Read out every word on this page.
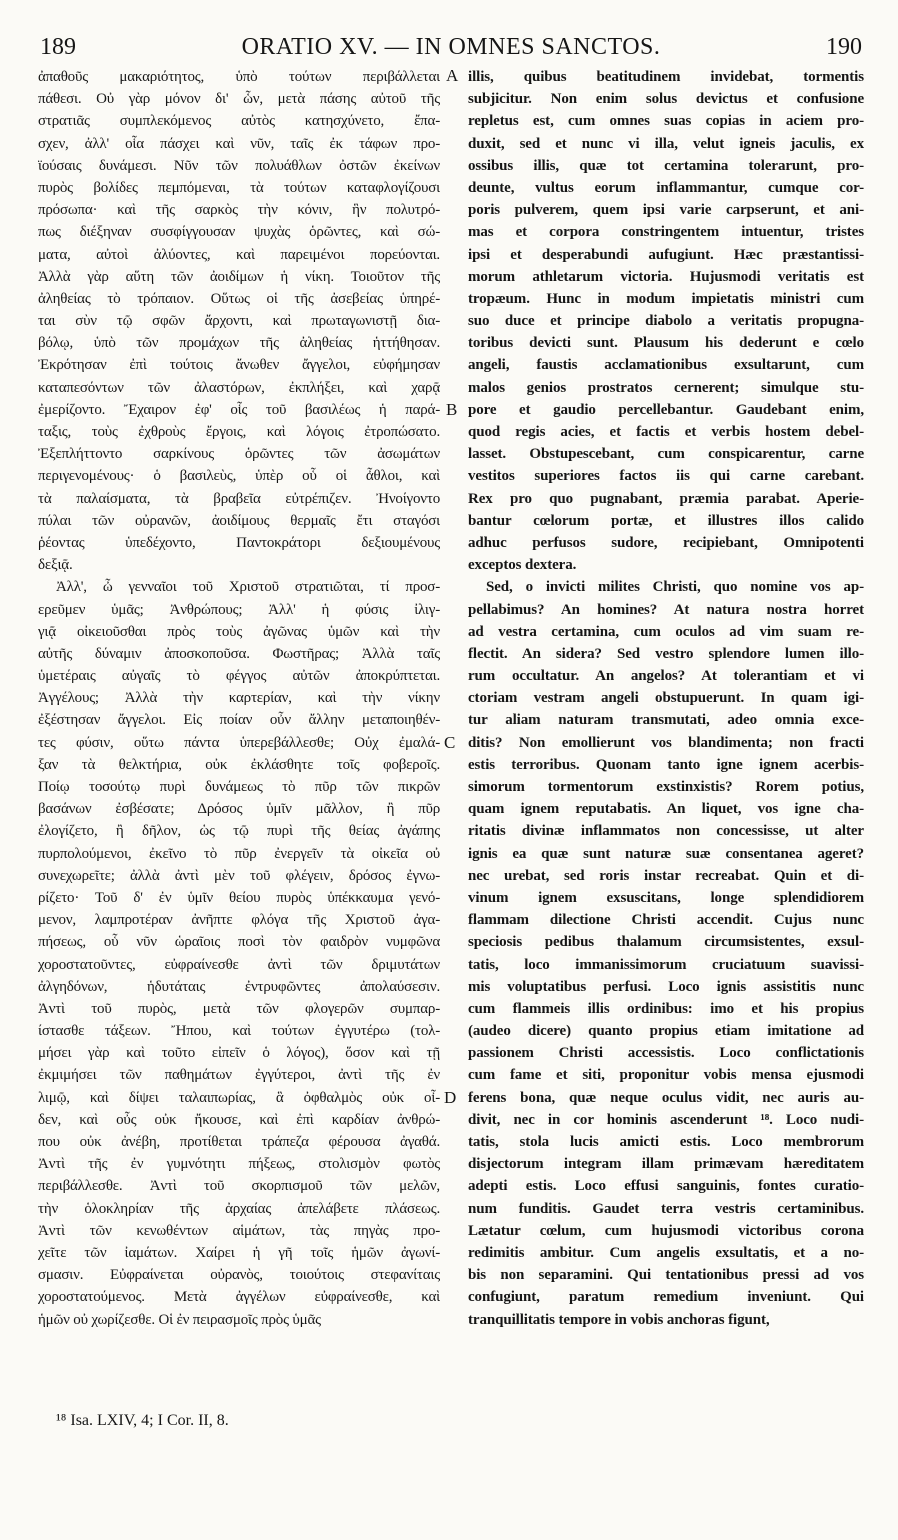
189	ORATIO XV. — IN OMNES SANCTOS.	190
ἀπαθοῦς μακαριότητος, ὑπὸ τούτων περιβάλλεται
πάθεσι. Οὐ γὰρ μόνον δι' ὧν, μετὰ πάσης αὐτοῦ τῆς
στρατιᾶς συμπλεκόμενος αὐτὸς κατησχύνετο, ἔπα-
σχεν, ἀλλ' οἷα πάσχει καὶ νῦν, ταῖς ἐκ τάφων προ-
ϊούσαις δυνάμεσι. Νῦν τῶν πολυάθλων ὀστῶν ἐκείνων
πυρὸς βολίδες πεμπόμεναι, τὰ τούτων καταφλογίζουσι
πρόσωπα· καὶ τῆς σαρκὸς τὴν κόνιν, ἣν πολυτρό-
πως διέξηναν συσφίγγουσαν ψυχὰς ὁρῶντες, καὶ σώ-
ματα, αὐτοὶ ἀλύοντες, καὶ παρειμένοι πορεύονται.
Ἀλλὰ γὰρ αὕτη τῶν ἀοιδίμων ἡ νίκη. Τοιοῦτον τῆς
ἀληθείας τὸ τρόπαιον. Οὕτως οἱ τῆς ἀσεβείας ὑπηρέ-
ται σὺν τῷ σφῶν ἄρχοντι, καὶ πρωταγωνιστῇ δια-
βόλῳ, ὑπὸ τῶν προμάχων τῆς ἀληθείας ἡττήθησαν.
Ἐκρότησαν ἐπὶ τούτοις ἄνωθεν ἄγγελοι, εὐφήμησαν
καταπεσόντων τῶν ἀλαστόρων, ἐκπλήξει, καὶ χαρᾷ
ἐμερίζοντο. Ἔχαιρον ἐφ' οἷς τοῦ βασιλέως ἡ παρά-
ταξις, τοὺς ἐχθροὺς ἔργοις, καὶ λόγοις ἐτροπώσατο.
Ἐξεπλήττοντο σαρκίνους ὁρῶντες τῶν ἀσωμάτων
περιγενομένους· ὁ βασιλεὺς, ὑπὲρ οὗ οἱ ἆθλοι, καὶ
τὰ παλαίσματα, τὰ βραβεῖα εὐτρέπιζεν. Ἠνοίγοντο
πύλαι τῶν οὐρανῶν, ἀοιδίμους θερμαῖς ἔτι σταγόσι
ῥέοντας ὑπεδέχοντο, Παντοκράτορι δεξιουμένους
δεξιᾷ.
Ἀλλ', ὦ γενναῖοι τοῦ Χριστοῦ στρατιῶται, τί προσ-
ερεῦμεν ὑμᾶς; Ἀνθρώπους; Ἀλλ' ἡ φύσις ἰλιγ-
γιᾷ οἰκειοῦσθαι πρὸς τοὺς ἀγῶνας ὑμῶν καὶ τὴν
αὐτῆς δύναμιν ἀποσκοποῦσα. Φωστῆρας; Ἀλλὰ ταῖς
ὑμετέραις αὐγαῖς τὸ φέγγος αὐτῶν ἀποκρύπτεται.
Ἀγγέλους; Ἀλλὰ τὴν καρτερίαν, καὶ τὴν νίκην
ἐξέστησαν ἄγγελοι. Εἰς ποίαν οὖν ἄλλην μεταποιηθέν-
τες φύσιν, οὕτω πάντα ὑπερεβάλλεσθε; Οὐχ ἐμαλά-
ξαν τὰ θελκτήρια, οὐκ ἐκλάσθητε τοῖς φοβεροῖς.
Ποίῳ τοσούτῳ πυρὶ δυνάμεως τὸ πῦρ τῶν πικρῶν
βασάνων ἐσβέσατε; Δρόσος ὑμῖν μᾶλλον, ἢ πῦρ
ἐλογίζετο, ἢ δῆλον, ὡς τῷ πυρὶ τῆς θείας ἀγάπης
πυρπολούμενοι, ἐκεῖνο τὸ πῦρ ἐνεργεῖν τὰ οἰκεῖα οὐ
συνεχωρεῖτε; ἀλλὰ ἀντὶ μὲν τοῦ φλέγειν, δρόσος ἐγνω-
ρίζετο· Τοῦ δ' ἐν ὑμῖν θείου πυρὸς ὑπέκκαυμα γενό-
μενον, λαμπροτέραν ἀνῆπτε φλόγα τῆς Χριστοῦ ἀγα-
πήσεως, οὗ νῦν ὡραῖοις ποσὶ τὸν φαιδρὸν νυμφῶνα
χοροστατοῦντες, εὐφραίνεσθε ἀντὶ τῶν δριμυτάτων
ἀλγηδόνων, ἡδυτάταις ἐντρυφῶντες ἀπολαύσεσιν.
Ἀντὶ τοῦ πυρὸς, μετὰ τῶν φλογερῶν συμπαρ-
ίστασθε τάξεων. Ἤπου, καὶ τούτων ἐγγυτέρω (τολ-
μήσει γὰρ καὶ τοῦτο εἰπεῖν ὁ λόγος), ὅσον καὶ τῇ
ἐκμιμήσει τῶν παθημάτων ἐγγύτεροι, ἀντὶ τῆς ἐν
λιμῷ, καὶ δίψει ταλαιπωρίας, ἃ ὀφθαλμὸς οὐκ οἶ-
δεν, καὶ οὖς οὐκ ἤκουσε, καὶ ἐπὶ καρδίαν ἀνθρώ-
που οὐκ ἀνέβη, προτίθεται τράπεζα φέρουσα ἀγαθά.
Ἀντὶ τῆς ἐν γυμνότητι πήξεως, στολισμὸν φωτὸς
περιβάλλεσθε. Ἀντὶ τοῦ σκορπισμοῦ τῶν μελῶν,
τὴν ὁλοκληρίαν τῆς ἀρχαίας ἀπελάβετε πλάσεως.
Ἀντὶ τῶν κενωθέντων αἱμάτων, τὰς πηγὰς προ-
χεῖτε τῶν ἰαμάτων. Χαίρει ἡ γῆ τοῖς ἡμῶν ἀγωνί-
σμασιν. Εὐφραίνεται οὐρανὸς, τοιούτοις στεφανίταις
χοροστατούμενος. Μετὰ ἀγγέλων εὐφραίνεσθε, καὶ
ἡμῶν οὐ χωρίζεσθε. Οἱ ἐν πειρασμοῖς πρὸς ὑμᾶς
illis, quibus beatitudinem invidebat, tormentis
subjicitur. Non enim solus devictus et confusione
repletus est, cum omnes suas copias in aciem pro-
duxit, sed et nunc vi illa, velut igneis jaculis, ex
ossibus illis, quæ tot certamina tolerarunt, pro-
deunte, vultus eorum inflammantur, cumque cor-
poris pulverem, quem ipsi varie carpserunt, et ani-
mas et corpora constringentem intuentur, tristes
ipsi et desperabundi aufugiunt. Hæc præstantissi-
morum athletarum victoria. Hujusmodi veritatis est
tropæum. Hunc in modum impietatis ministri cum
suo duce et principe diabolo a veritatis propugna-
toribus devicti sunt. Plausum his dederunt e cœlo
angeli, faustis acclamationibus exsultarunt, cum
malos genios prostratos cernerent; simulque stu-
pore et gaudio percellebantur. Gaudebant enim,
quod regis acies, et factis et verbis hostem debel-
lasset. Obstupescebant, cum conspicarentur, carne
vestitos superiores factos iis qui carne carebant.
Rex pro quo pugnabant, præmia parabat. Aperie-
bantur cœlorum portæ, et illustres illos calido
adhuc perfusos sudore, recipiebant, Omnipotenti
exceptos dextera.
Sed, o invicti milites Christi, quo nomine vos ap-
pellabimus? An homines? At natura nostra horret
ad vestra certamina, cum oculos ad vim suam re-
flectit. An sidera? Sed vestro splendore lumen illo-
rum occultatur. An angelos? At tolerantiam et vi
ctoriam vestram angeli obstupuerunt. In quam igi-
tur aliam naturam transmutati, adeo omnia exce-
ditis? Non emollierunt vos blandimenta; non fracti
estis terroribus. Quonam tanto igne ignem acerbis-
simorum tormentorum exstinxistis? Rorem potius,
quam ignem reputabatis. An liquet, vos igne cha-
ritatis divinæ inflammatos non concessisse, ut alter
ignis ea quæ sunt naturæ suæ consentanea ageret?
nec urebat, sed roris instar recreabat. Quin et di-
vinum ignem exsuscitans, longe splendidiorem
flammam dilectione Christi accendit. Cujus nunc
speciosis pedibus thalamum circumsistentes, exsul-
tatis, loco immanissimorum cruciatuum suavissi-
mis voluptatibus perfusi. Loco ignis assistitis nunc
cum flammeis illis ordinibus: imo et his propius
(audeo dicere) quanto propius etiam imitatione ad
passionem Christi accessistis. Loco conflictationis
cum fame et siti, proponitur vobis mensa ejusmodi
ferens bona, quæ neque oculus vidit, nec auris au-
divit, nec in cor hominis ascenderunt ¹⁸. Loco nudi-
tatis, stola lucis amicti estis. Loco membrorum
disjectorum integram illam primævam hæreditatem
adepti estis. Loco effusi sanguinis, fontes curatio-
num funditis. Gaudet terra vestris certaminibus.
Lætatur cœlum, cum hujusmodi victoribus corona
redimitis ambitur. Cum angelis exsultatis, et a no-
bis non separamini. Qui tentationibus pressi ad vos
confugiunt, paratum remedium inveniunt. Qui
tranquillitatis tempore in vobis anchoras figunt,
A
B
C
D
¹⁸ Isa. LXIV, 4; I Cor. II, 8.
